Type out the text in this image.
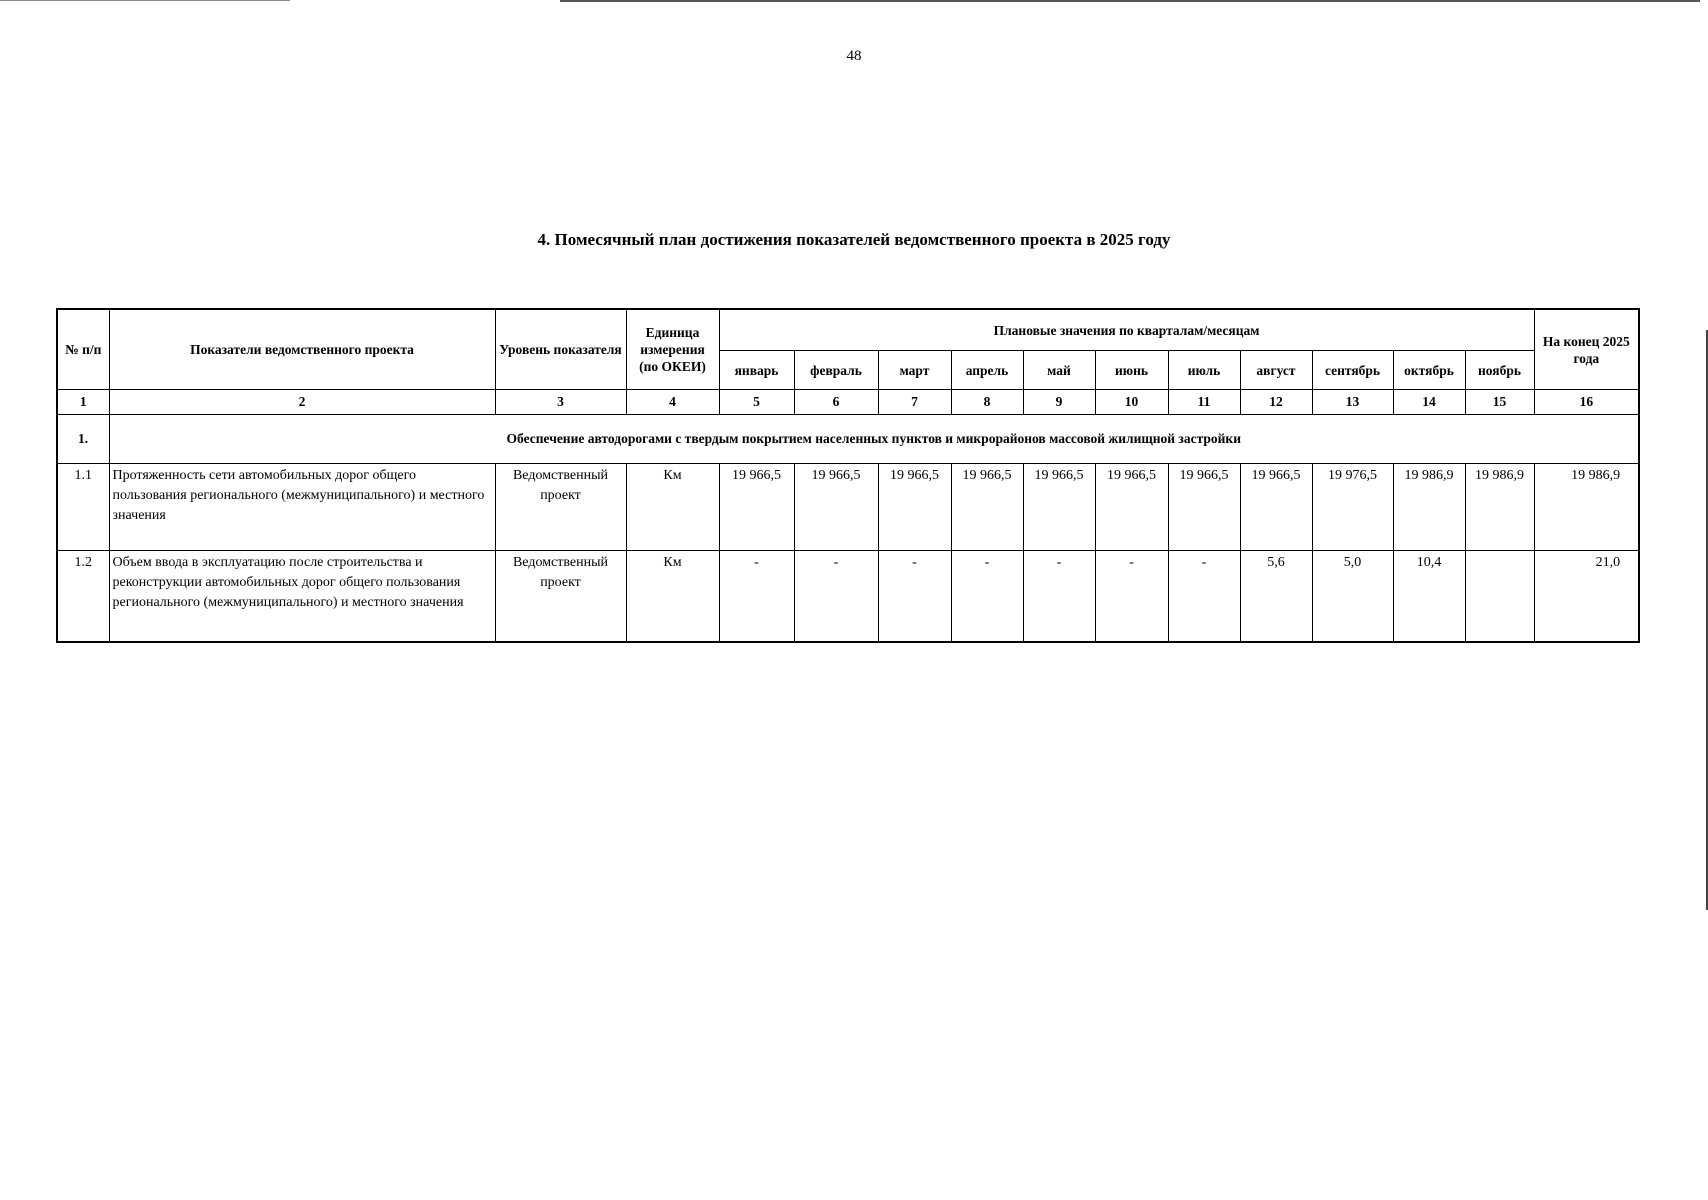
48
4. Помесячный план достижения показателей ведомственного проекта в 2025 году
№ п/п	Показатели ведомственного проекта	Уровень показателя	Единица измерения (по ОКЕИ)	Плановые значения по кварталам/месяцам											На конец 2025 года
				январь	февраль	март	апрель	май	июнь	июль	август	сентябрь	октябрь	ноябрь	
1	2	3	4	5	6	7	8	9	10	11	12	13	14	15	16
1.	Обеспечение автодорогами с твердым покрытием населенных пунктов и микрорайонов массовой жилищной застройки														
1.1	Протяженность сети автомобильных дорог общего пользования регионального (межмуниципального) и местного значения	Ведомственный проект	Км	19 966,5	19 966,5	19 966,5	19 966,5	19 966,5	19 966,5	19 966,5	19 966,5	19 976,5	19 986,9	19 986,9	19 986,9
1.2	Объем ввода в эксплуатацию после строительства и реконструкции автомобильных дорог общего пользования регионального (межмуниципального) и местного значения	Ведомственный проект	Км	-	-	-	-	-	-	-	5,6	5,0	10,4		21,0
